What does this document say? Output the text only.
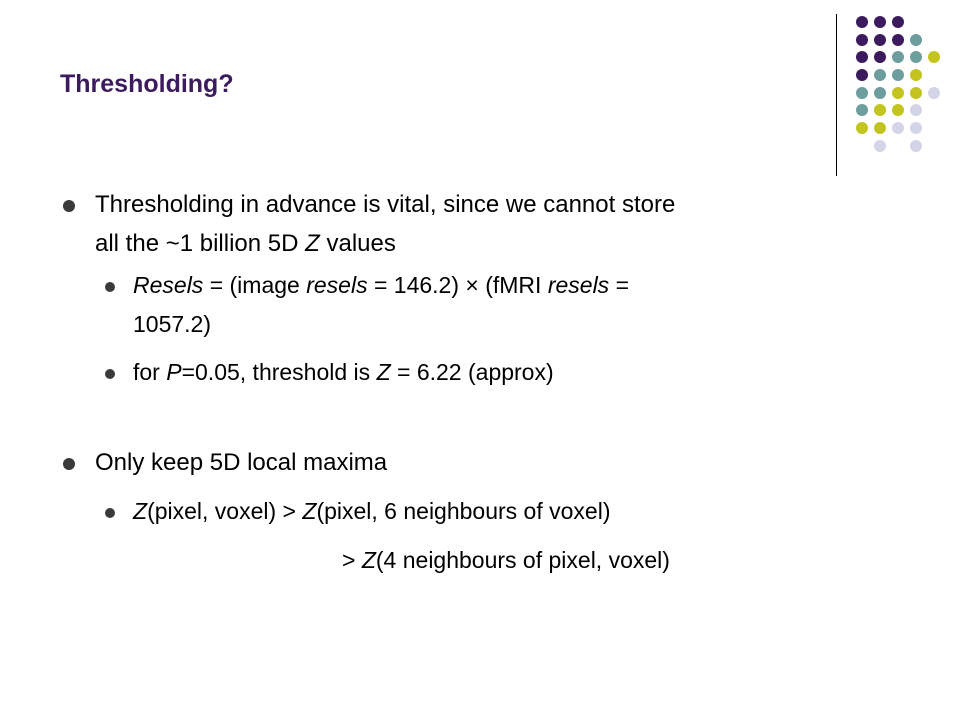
Thresholding?
Thresholding in advance is vital, since we cannot store
all the ~1 billion 5D Z values
Resels = (image resels = 146.2) × (fMRI resels =
1057.2)
for P=0.05, threshold is Z = 6.22 (approx)
Only keep 5D local maxima
Z(pixel, voxel) > Z(pixel, 6 neighbours of voxel)
> Z(4 neighbours of pixel, voxel)
